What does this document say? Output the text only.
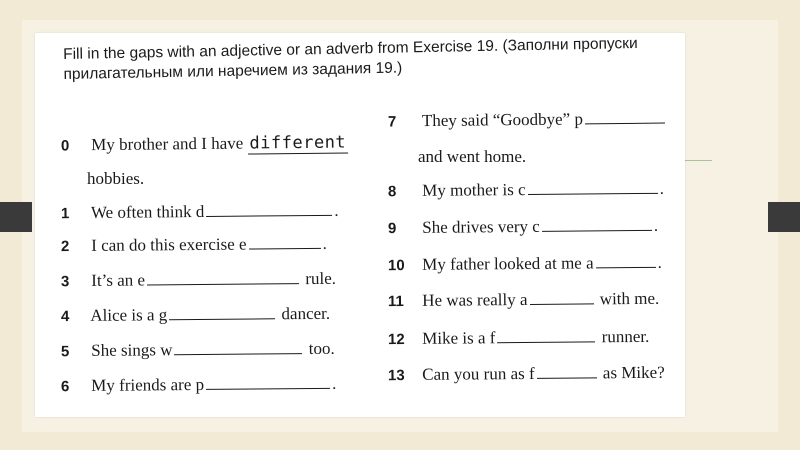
Fill in the gaps with an adjective or an adverb from Exercise 19. (Заполни пропуски прилагательным или наречием из задания 19.)
0 My brother and I have different
hobbies.
1 We often think d	.
2 I can do this exercise e	.
3 It’s an e	rule.
4 Alice is a g	dancer.
5 She sings w	too.
6 My friends are p	.
7 They said “Goodbye” p
and went home.
8 My mother is c	.
9 She drives very c	.
10 My father looked at me a	.
11 He was really a	with me.
12 Mike is a f	runner.
13 Can you run as f	as Mike?
